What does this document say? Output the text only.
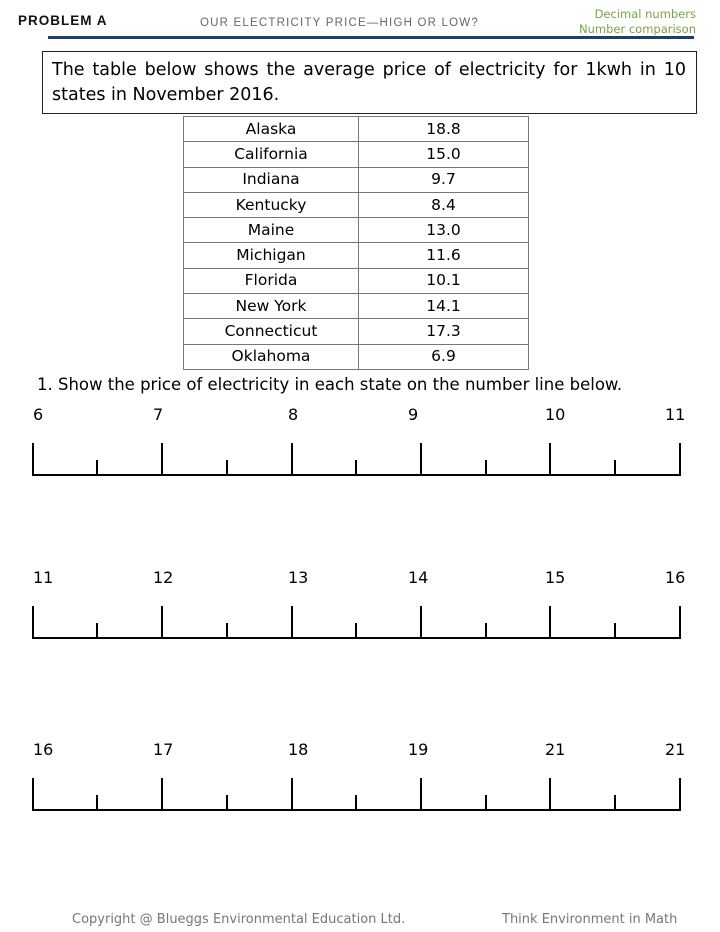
PROBLEM A	OUR ELECTRICITY PRICE—HIGH OR LOW?
Decimal numbers
Number comparison
The table below shows the average price of electricity for 1kwh in 10 states in November 2016.
Alaska	18.8
California	15.0
Indiana	9.7
Kentucky	8.4
Maine	13.0
Michigan	11.6
Florida	10.1
New York	14.1
Connecticut	17.3
Oklahoma	6.9
1. Show the price of electricity in each state on the number line below.
6	7	8	9	10	11
11	12	13	14	15	16
16	17	18	19	21	21
Copyright @ Blueggs Environmental Education Ltd.	Think Environment in Math
